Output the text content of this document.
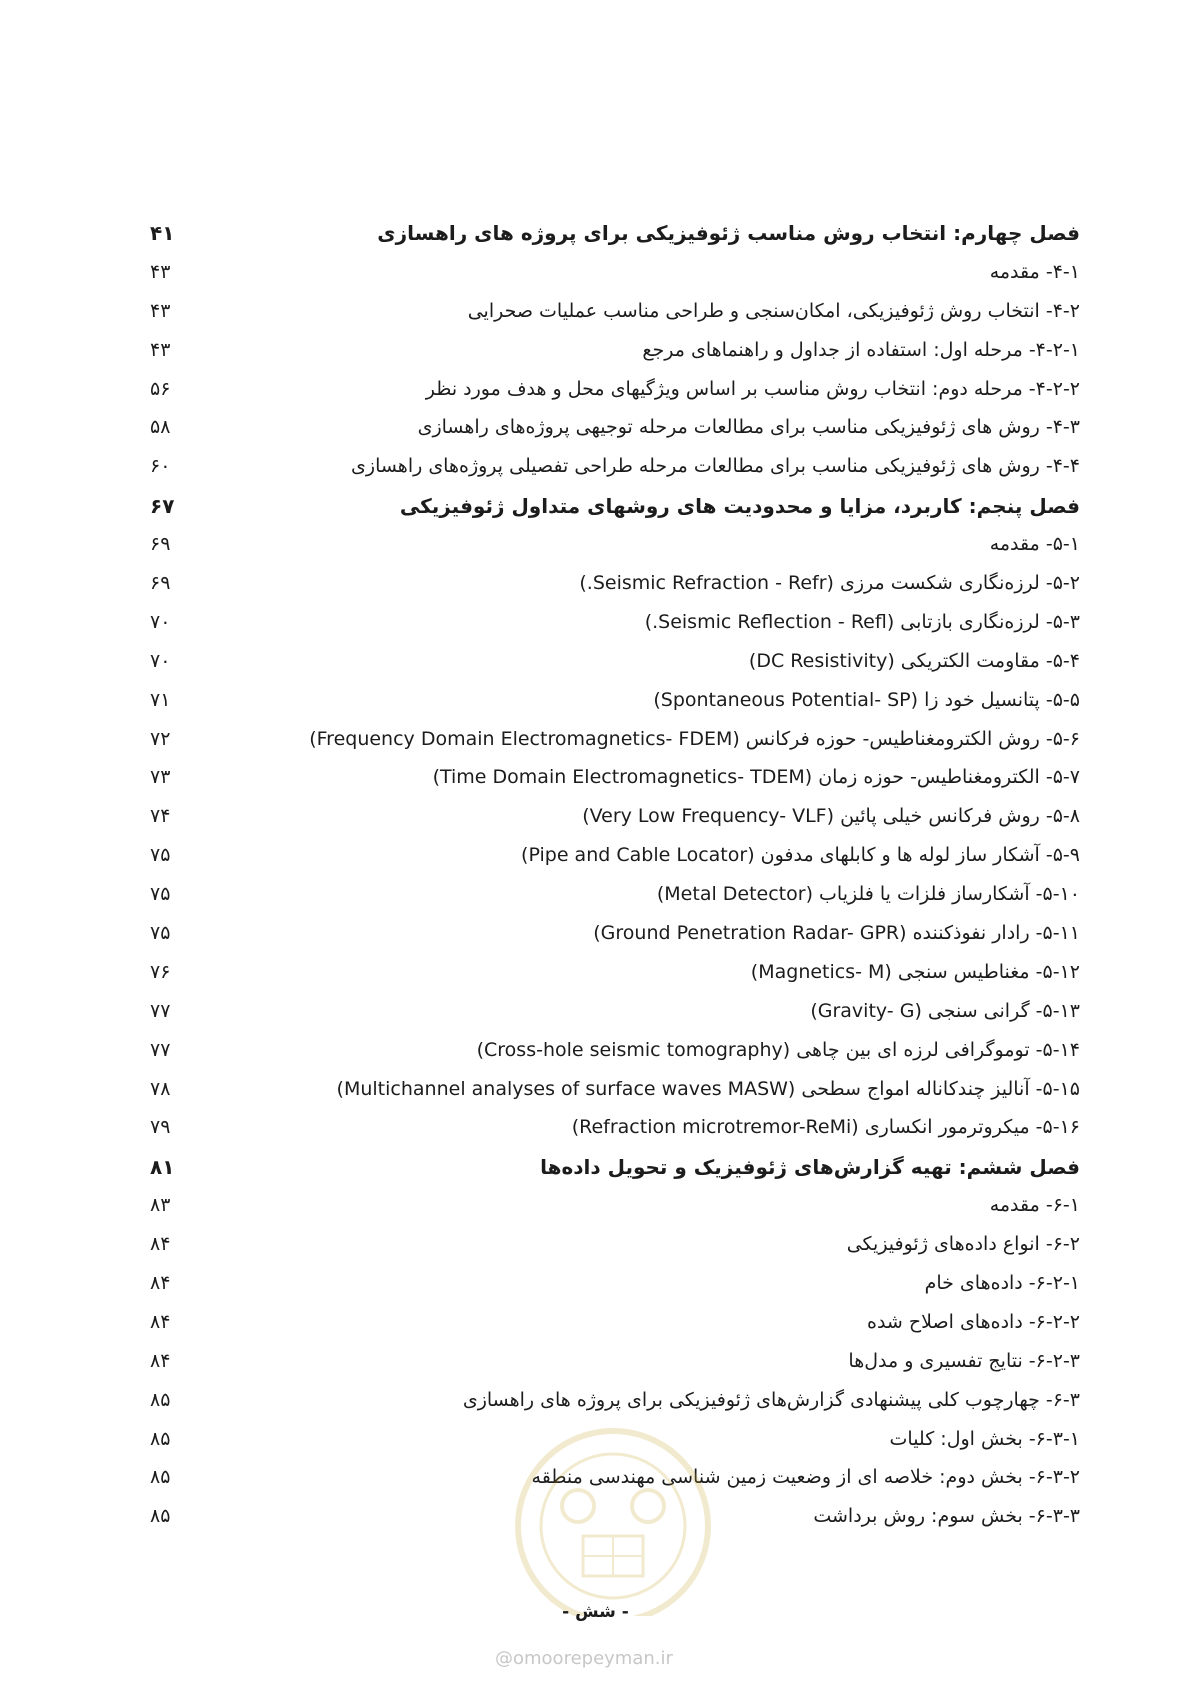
فصل چهارم: انتخاب روش مناسب ژئوفیزیکی برای پروژه های راهسازی
۴۱
۴-۱- مقدمه
۴۳
۴-۲- انتخاب روش ژئوفیزیکی، امکان‌سنجی و طراحی مناسب عملیات صحرایی
۴۳
۴-۲-۱- مرحله اول: استفاده از جداول و راهنماهای مرجع
۴۳
۴-۲-۲- مرحله دوم: انتخاب روش مناسب بر اساس ویژگیهای محل و هدف مورد نظر
۵۶
۴-۳- روش های ژئوفیزیکی مناسب برای مطالعات مرحله توجیهی پروژه‌های راهسازی
۵۸
۴-۴- روش های ژئوفیزیکی مناسب برای مطالعات مرحله طراحی تفصیلی پروژه‌های راهسازی
۶۰
فصل پنجم: کاربرد، مزایا و محدودیت های روشهای متداول ژئوفیزیکی
۶۷
۵-۱- مقدمه
۶۹
۵-۲- لرزه‌نگاری شکست مرزی (Seismic Refraction - Refr.)
۶۹
۵-۳- لرزه‌نگاری بازتابی (Seismic Reflection - Refl.)
۷۰
۵-۴- مقاومت الکتریکی (DC Resistivity)
۷۰
۵-۵- پتانسیل خود زا (Spontaneous Potential- SP)
۷۱
۵-۶- روش الکترومغناطیس- حوزه فرکانس (Frequency Domain Electromagnetics- FDEM)
۷۲
۵-۷- الکترومغناطیس- حوزه زمان (Time Domain Electromagnetics- TDEM)
۷۳
۵-۸- روش فرکانس خیلی پائین (Very Low Frequency- VLF)
۷۴
۵-۹- آشکار ساز لوله ها و کابلهای مدفون (Pipe and Cable Locator)
۷۵
۵-۱۰- آشکارساز فلزات یا فلزیاب (Metal Detector)
۷۵
۵-۱۱- رادار نفوذکننده (Ground Penetration Radar- GPR)
۷۵
۵-۱۲- مغناطیس سنجی (Magnetics- M)
۷۶
۵-۱۳- گرانی سنجی (Gravity- G)
۷۷
۵-۱۴- توموگرافی لرزه ای بین چاهی (Cross-hole seismic tomography)
۷۷
۵-۱۵- آنالیز چندکاناله امواج سطحی (Multichannel analyses of surface waves MASW)
۷۸
۵-۱۶- میکروترمور انکساری (Refraction microtremor-ReMi)
۷۹
فصل ششم: تهیه گزارش‌های ژئوفیزیک و تحویل داده‌ها
۸۱
۶-۱- مقدمه
۸۳
۶-۲- انواع داده‌های ژئوفیزیکی
۸۴
۶-۲-۱- داده‌های خام
۸۴
۶-۲-۲- داده‌های اصلاح شده
۸۴
۶-۲-۳- نتایج تفسیری و مدل‌ها
۸۴
۶-۳- چهارچوب کلی پیشنهادی گزارش‌های ژئوفیزیکی برای پروژه های راهسازی
۸۵
۶-۳-۱- بخش اول: کلیات
۸۵
۶-۳-۲- بخش دوم: خلاصه ای از وضعیت زمین شناسی مهندسی منطقه
۸۵
۶-۳-۳- بخش سوم: روش برداشت
۸۵
- شش -
@omoorepeyman.ir
